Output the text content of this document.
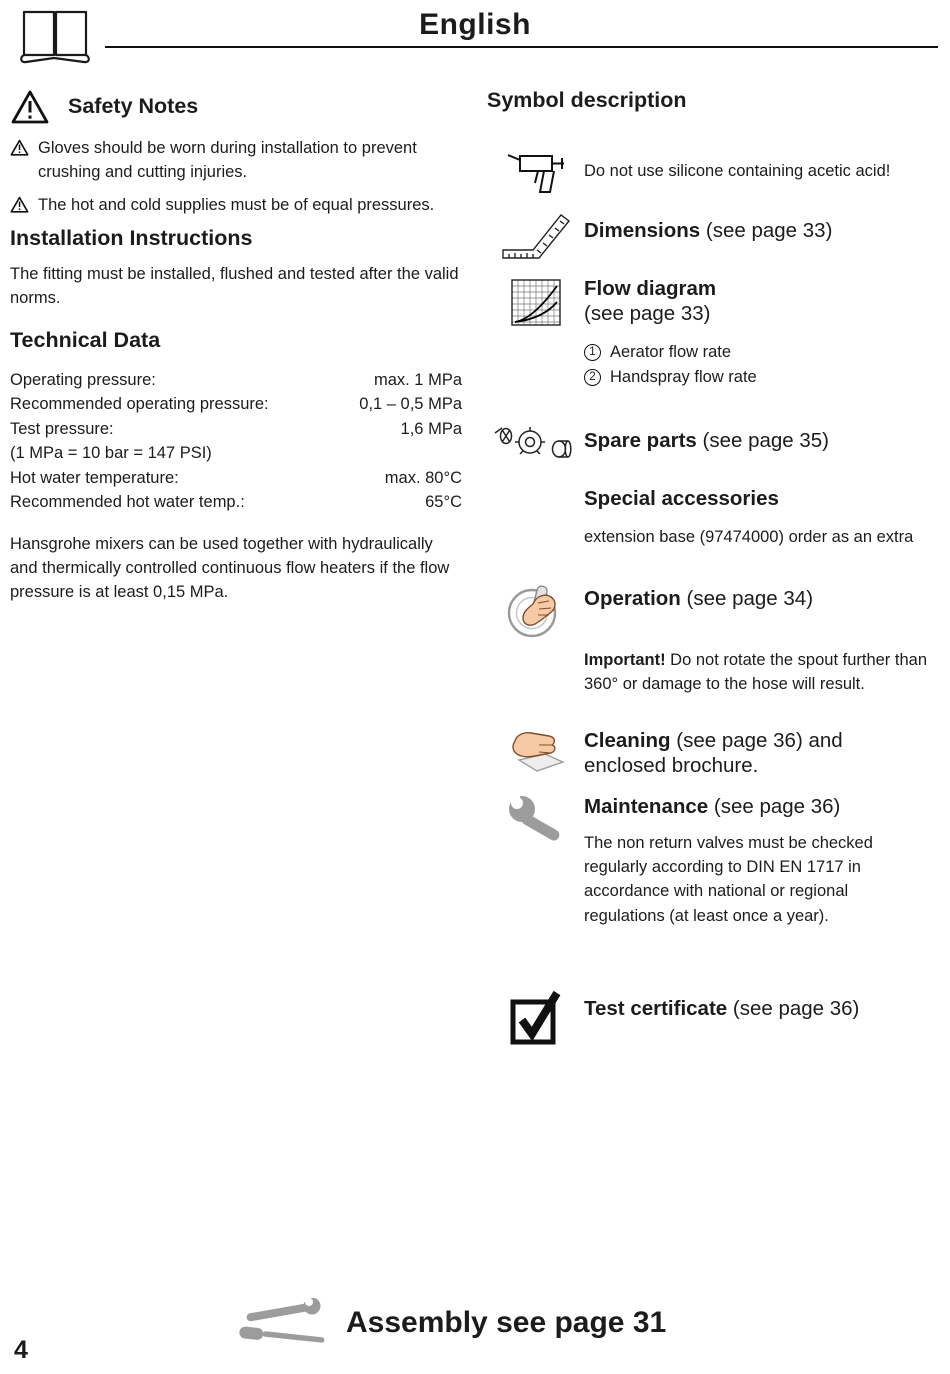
English
Safety Notes

Gloves should be worn during installation to prevent crushing and cutting injuries.

The hot and cold supplies must be of equal pressures.

Installation Instructions

The fitting must be installed, flushed and tested after the valid norms.

Technical Data
Operating pressure:	max. 1 MPa
Recommended operating pressure:	0,1 – 0,5 MPa
Test pressure:	1,6 MPa
(1 MPa = 10 bar = 147 PSI)
Hot water temperature:	max. 80°C
Recommended hot water temp.:	65°C

Hansgrohe mixers can be used together with hydraulically and thermically controlled continuous flow heaters if the flow pressure is at least 0,15 MPa.

Symbol description

Do not use silicone containing acetic acid!

Dimensions (see page 33)
Flow diagram
(see page 33)
1 Aerator flow rate
2 Handspray flow rate
Spare parts (see page 35)
Special accessories

extension base (97474000) order as an extra

Operation (see page 34)

Important! Do not rotate the spout further than 360° or damage to the hose will result.

Cleaning (see page 36) and
enclosed brochure.
Maintenance (see page 36)

The non return valves must be checked regularly according to DIN EN 1717 in accordance with national or regional regulations (at least once a year).

Test certificate (see page 36)
Assembly see page 31
4
